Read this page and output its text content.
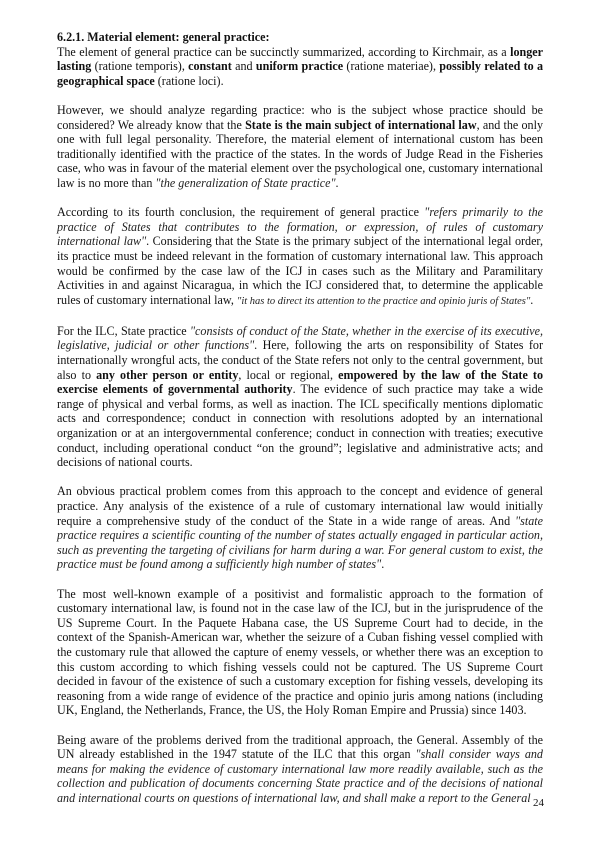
6.2.1. Material element: general practice:

The element of general practice can be succinctly summarized, according to Kirchmair, as a longer lasting (ratione temporis), constant and uniform practice (ratione materiae), possibly related to a geographical space (ratione loci).

However, we should analyze regarding practice: who is the subject whose practice should be considered? We already know that the State is the main subject of international law, and the only one with full legal personality. Therefore, the material element of international custom has been traditionally identified with the practice of the states. In the words of Judge Read in the Fisheries case, who was in favour of the material element over the psychological one, customary international law is no more than "the generalization of State practice".

According to its fourth conclusion, the requirement of general practice "refers primarily to the practice of States that contributes to the formation, or expression, of rules of customary international law". Considering that the State is the primary subject of the international legal order, its practice must be indeed relevant in the formation of customary international law. This approach would be confirmed by the case law of the ICJ in cases such as the Military and Paramilitary Activities in and against Nicaragua, in which the ICJ considered that, to determine the applicable rules of customary international law, "it has to direct its attention to the practice and opinio juris of States".

For the ILC, State practice "consists of conduct of the State, whether in the exercise of its executive, legislative, judicial or other functions". Here, following the arts on responsibility of States for internationally wrongful acts, the conduct of the State refers not only to the central government, but also to any other person or entity, local or regional, empowered by the law of the State to exercise elements of governmental authority. The evidence of such practice may take a wide range of physical and verbal forms, as well as inaction. The ICL specifically mentions diplomatic acts and correspondence; conduct in connection with resolutions adopted by an international organization or at an intergovernmental conference; conduct in connection with treaties; executive conduct, including operational conduct “on the ground”; legislative and administrative acts; and decisions of national courts.

An obvious practical problem comes from this approach to the concept and evidence of general practice. Any analysis of the existence of a rule of customary international law would initially require a comprehensive study of the conduct of the State in a wide range of areas. And "state practice requires a scientific counting of the number of states actually engaged in particular action, such as preventing the targeting of civilians for harm during a war. For general custom to exist, the practice must be found among a sufficiently high number of states".

The most well-known example of a positivist and formalistic approach to the formation of customary international law, is found not in the case law of the ICJ, but in the jurisprudence of the US Supreme Court. In the Paquete Habana case, the US Supreme Court had to decide, in the context of the Spanish-American war, whether the seizure of a Cuban fishing vessel complied with the customary rule that allowed the capture of enemy vessels, or whether there was an exception to this custom according to which fishing vessels could not be captured. The US Supreme Court decided in favour of the existence of such a customary exception for fishing vessels, developing its reasoning from a wide range of evidence of the practice and opinio juris among nations (including UK, England, the Netherlands, France, the US, the Holy Roman Empire and Prussia) since 1403.

Being aware of the problems derived from the traditional approach, the General. Assembly of the UN already established in the 1947 statute of the ILC that this organ "shall consider ways and means for making the evidence of customary international law more readily available, such as the collection and publication of documents concerning State practice and of the decisions of national and international courts on questions of international law, and shall make a report to the General 24
